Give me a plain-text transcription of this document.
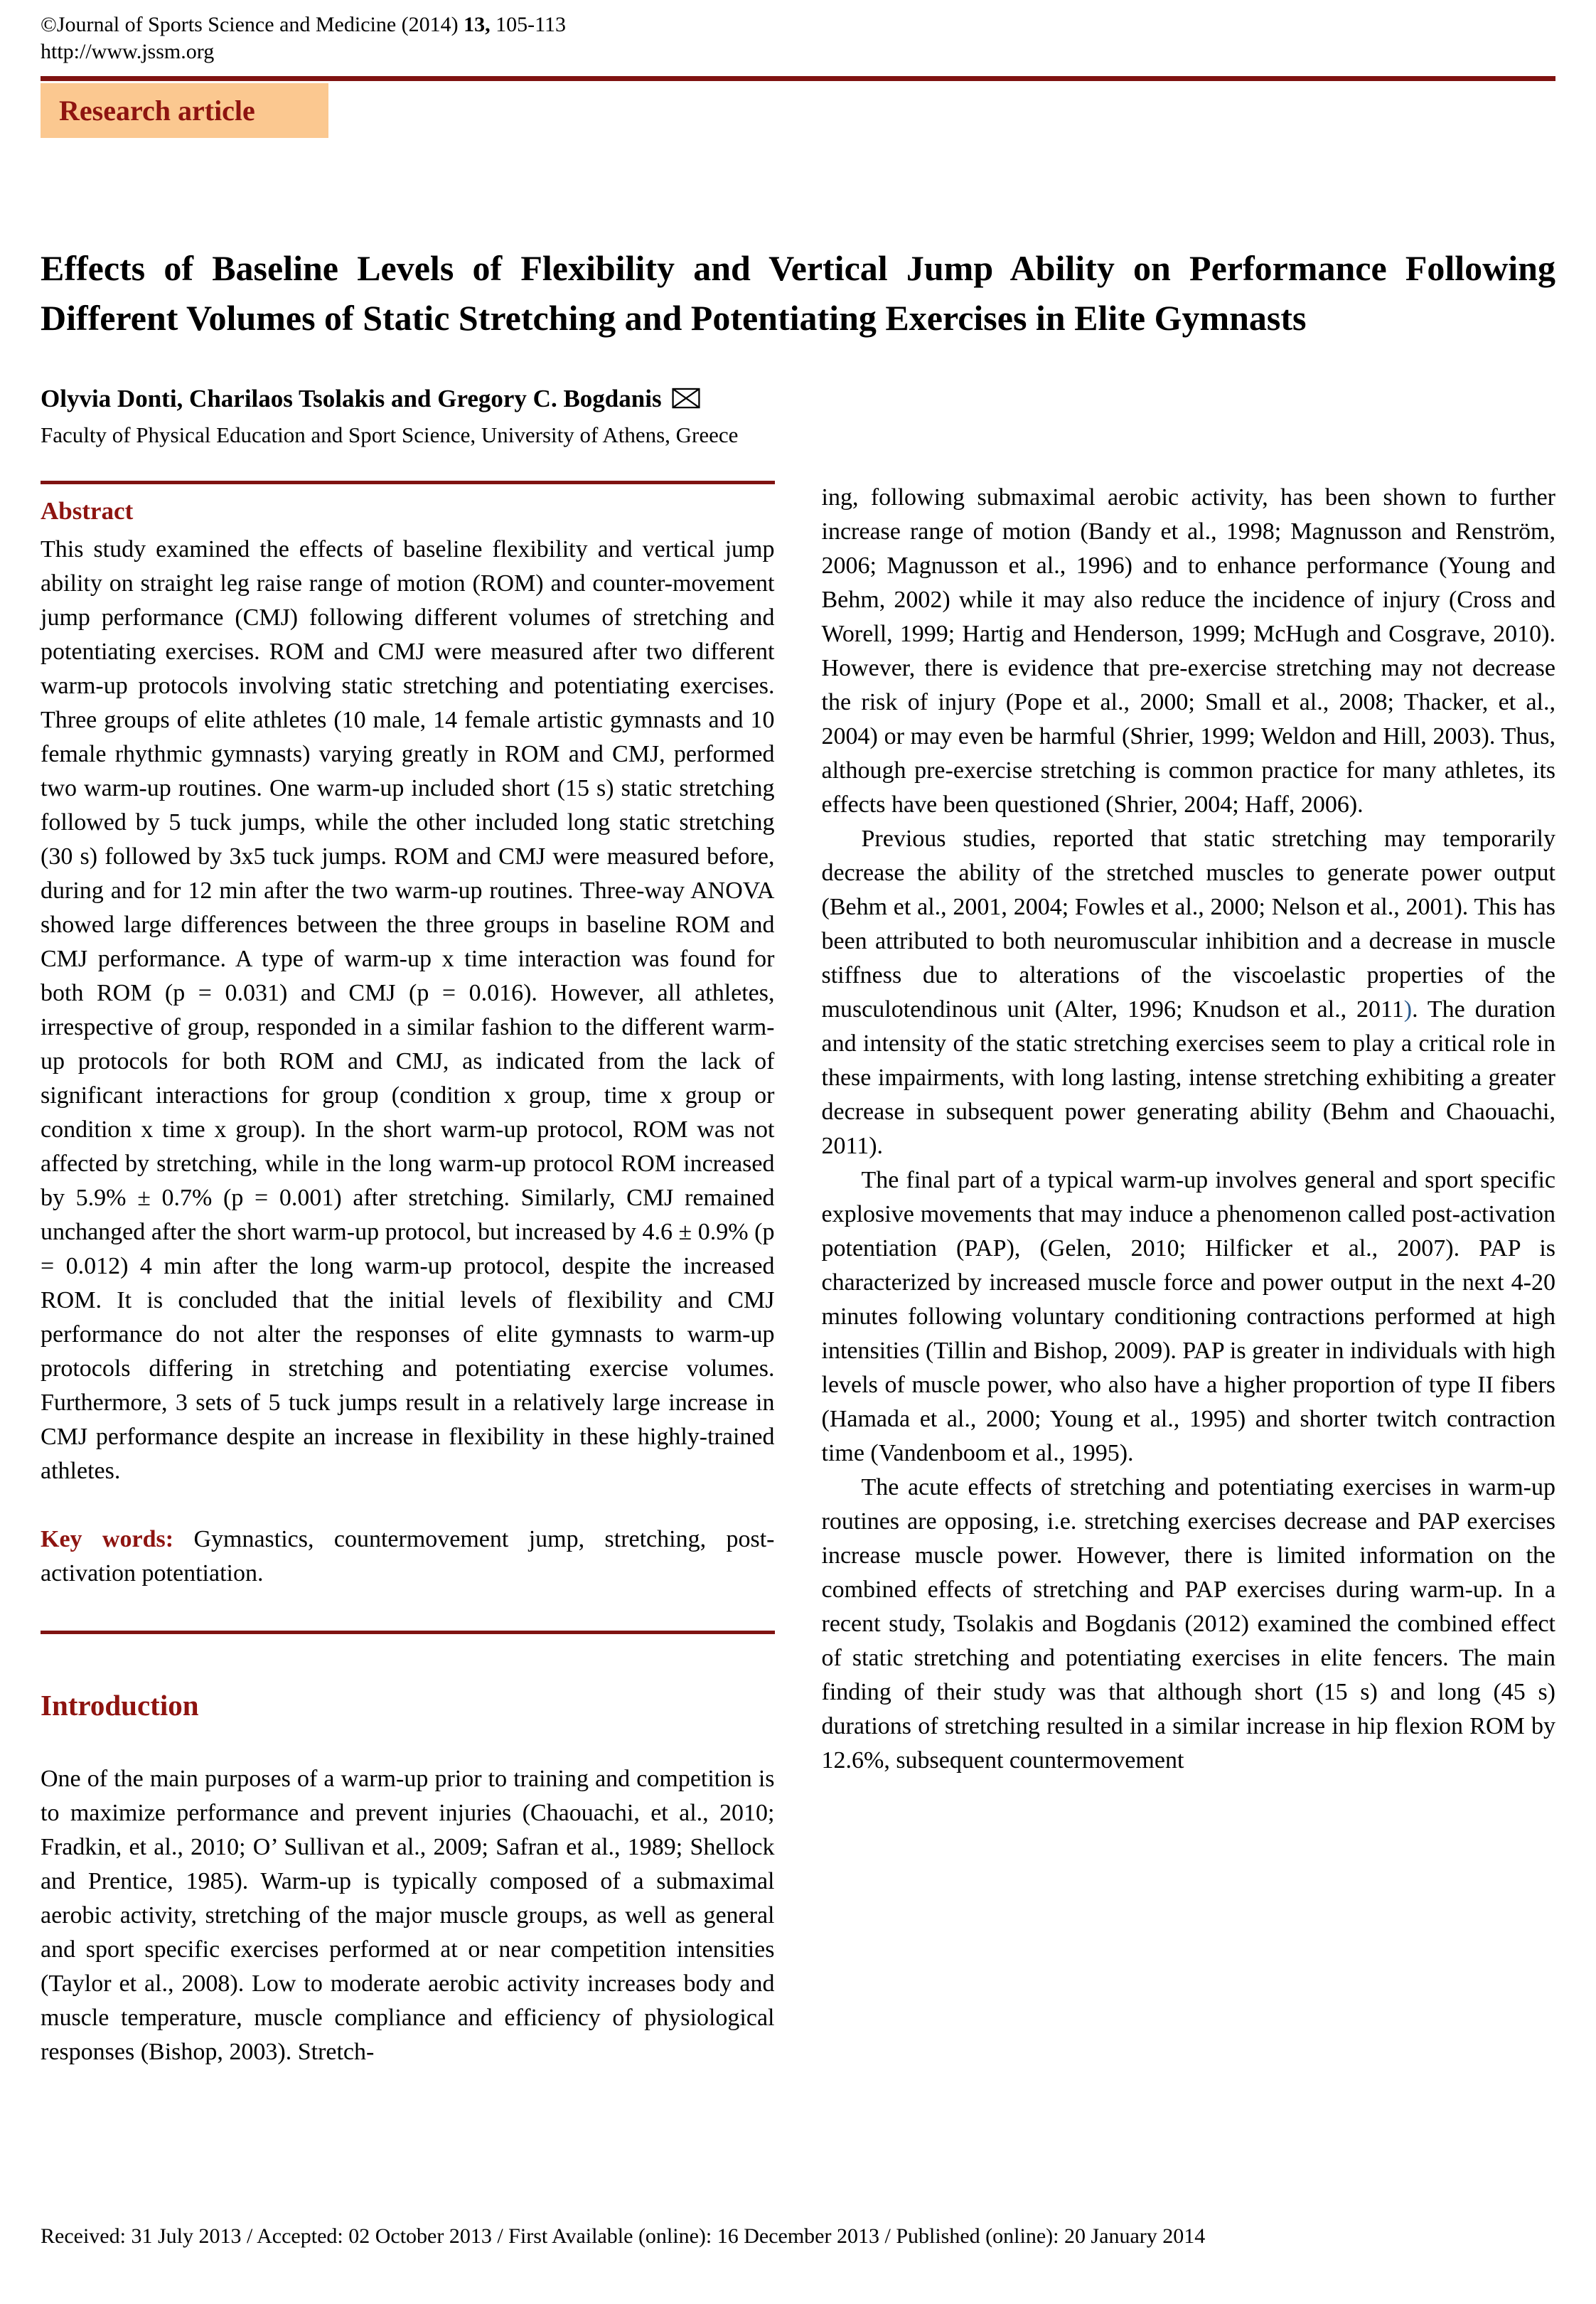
©Journal of Sports Science and Medicine (2014) 13, 105-113
http://www.jssm.org
Research article
Effects of Baseline Levels of Flexibility and Vertical Jump Ability on Performance Following Different Volumes of Static Stretching and Potentiating Exercises in Elite Gymnasts
Olyvia Donti, Charilaos Tsolakis and Gregory C. Bogdanis
Faculty of Physical Education and Sport Science, University of Athens, Greece
Abstract

This study examined the effects of baseline flexibility and vertical jump ability on straight leg raise range of motion (ROM) and counter-movement jump performance (CMJ) following different volumes of stretching and potentiating exercises. ROM and CMJ were measured after two different warm-up protocols involving static stretching and potentiating exercises. Three groups of elite athletes (10 male, 14 female artistic gymnasts and 10 female rhythmic gymnasts) varying greatly in ROM and CMJ, performed two warm-up routines. One warm-up included short (15 s) static stretching followed by 5 tuck jumps, while the other included long static stretching (30 s) followed by 3x5 tuck jumps. ROM and CMJ were measured before, during and for 12 min after the two warm-up routines. Three-way ANOVA showed large differences between the three groups in baseline ROM and CMJ performance. A type of warm-up x time interaction was found for both ROM (p = 0.031) and CMJ (p = 0.016). However, all athletes, irrespective of group, responded in a similar fashion to the different warm-up protocols for both ROM and CMJ, as indicated from the lack of significant interactions for group (condition x group, time x group or condition x time x group). In the short warm-up protocol, ROM was not affected by stretching, while in the long warm-up protocol ROM increased by 5.9% ± 0.7% (p = 0.001) after stretching. Similarly, CMJ remained unchanged after the short warm-up protocol, but increased by 4.6 ± 0.9% (p = 0.012) 4 min after the long warm-up protocol, despite the increased ROM. It is concluded that the initial levels of flexibility and CMJ performance do not alter the responses of elite gymnasts to warm-up protocols differing in stretching and potentiating exercise volumes. Furthermore, 3 sets of 5 tuck jumps result in a relatively large increase in CMJ performance despite an increase in flexibility in these highly-trained athletes.

Key words: Gymnastics, countermovement jump, stretching, post-activation potentiation.

Introduction

One of the main purposes of a warm-up prior to training and competition is to maximize performance and prevent injuries (Chaouachi, et al., 2010; Fradkin, et al., 2010; O’ Sullivan et al., 2009; Safran et al., 1989; Shellock and Prentice, 1985). Warm-up is typically composed of a submaximal aerobic activity, stretching of the major muscle groups, as well as general and sport specific exercises performed at or near competition intensities (Taylor et al., 2008). Low to moderate aerobic activity increases body and muscle temperature, muscle compliance and efficiency of physiological responses (Bishop, 2003). Stretch-

ing, following submaximal aerobic activity, has been shown to further increase range of motion (Bandy et al., 1998; Magnusson and Renström, 2006; Magnusson et al., 1996) and to enhance performance (Young and Behm, 2002) while it may also reduce the incidence of injury (Cross and Worell, 1999; Hartig and Henderson, 1999; McHugh and Cosgrave, 2010). However, there is evidence that pre-exercise stretching may not decrease the risk of injury (Pope et al., 2000; Small et al., 2008; Thacker, et al., 2004) or may even be harmful (Shrier, 1999; Weldon and Hill, 2003). Thus, although pre-exercise stretching is common practice for many athletes, its effects have been questioned (Shrier, 2004; Haff, 2006).

Previous studies, reported that static stretching may temporarily decrease the ability of the stretched muscles to generate power output (Behm et al., 2001, 2004; Fowles et al., 2000; Nelson et al., 2001). This has been attributed to both neuromuscular inhibition and a decrease in muscle stiffness due to alterations of the viscoelastic properties of the musculotendinous unit (Alter, 1996; Knudson et al., 2011). The duration and intensity of the static stretching exercises seem to play a critical role in these impairments, with long lasting, intense stretching exhibiting a greater decrease in subsequent power generating ability (Behm and Chaouachi, 2011).

The final part of a typical warm-up involves general and sport specific explosive movements that may induce a phenomenon called post-activation potentiation (PAP), (Gelen, 2010; Hilficker et al., 2007). PAP is characterized by increased muscle force and power output in the next 4-20 minutes following voluntary conditioning contractions performed at high intensities (Tillin and Bishop, 2009). PAP is greater in individuals with high levels of muscle power, who also have a higher proportion of type II fibers (Hamada et al., 2000; Young et al., 1995) and shorter twitch contraction time (Vandenboom et al., 1995).

The acute effects of stretching and potentiating exercises in warm-up routines are opposing, i.e. stretching exercises decrease and PAP exercises increase muscle power. However, there is limited information on the combined effects of stretching and PAP exercises during warm-up. In a recent study, Tsolakis and Bogdanis (2012) examined the combined effect of static stretching and potentiating exercises in elite fencers. The main finding of their study was that although short (15 s) and long (45 s) durations of stretching resulted in a similar increase in hip flexion ROM by 12.6%, subsequent countermovement

Received: 31 July 2013 / Accepted: 02 October 2013 / First Available (online): 16 December 2013 / Published (online): 20 January 2014
